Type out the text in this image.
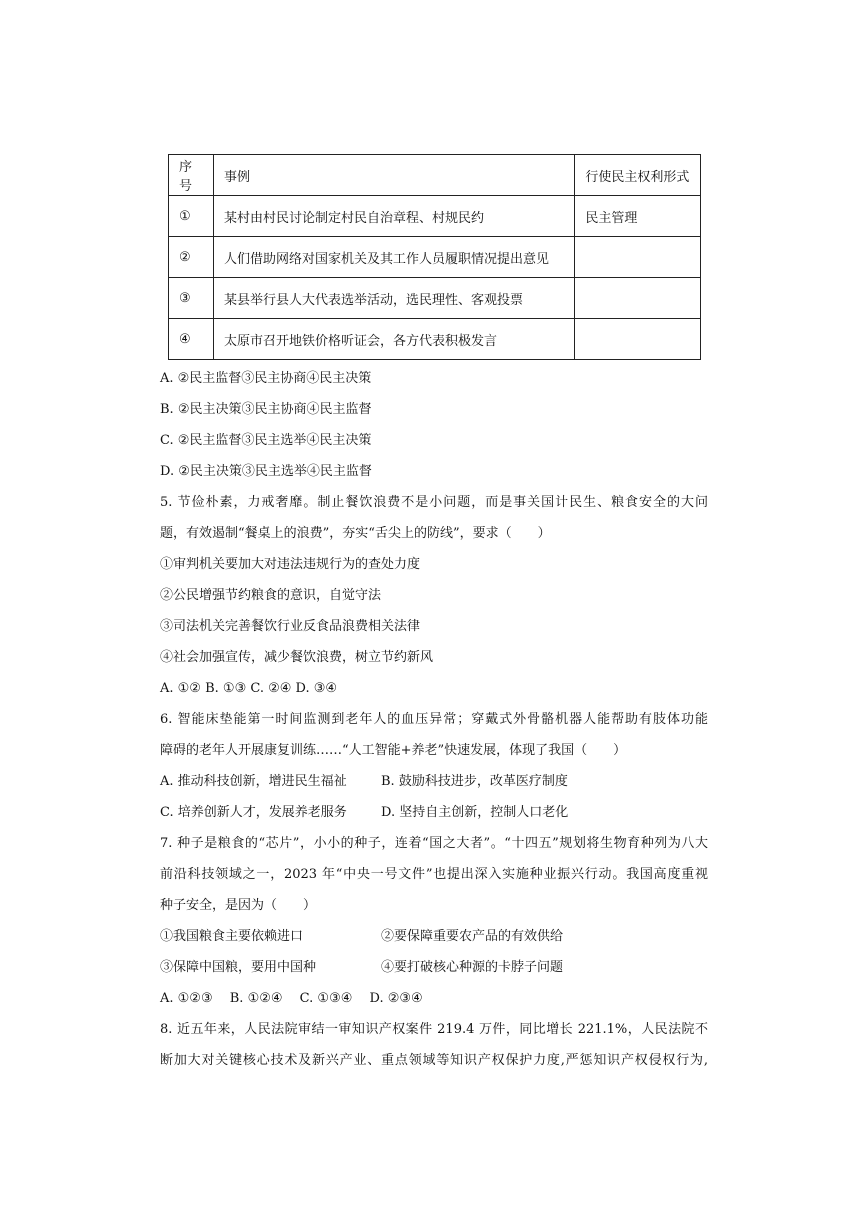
序号	事例	行使民主权利形式
①	某村由村民讨论制定村民自治章程、村规民约	民主管理
②	人们借助网络对国家机关及其工作人员履职情况提出意见	
③	某县举行县人大代表选举活动，选民理性、客观投票	
④	太原市召开地铁价格听证会，各方代表积极发言	
A. ②民主监督③民主协商④民主决策
B. ②民主决策③民主协商④民主监督
C. ②民主监督③民主选举④民主决策
D. ②民主决策③民主选举④民主监督
5. 节俭朴素，力戒奢靡。制止餐饮浪费不是小问题，而是事关国计民生、粮食安全的大问
题，有效遏制“餐桌上的浪费”，夯实“舌尖上的防线”，要求（　　）
①审判机关要加大对违法违规行为的查处力度
②公民增强节约粮食的意识，自觉守法
③司法机关完善餐饮行业反食品浪费相关法律
④社会加强宣传，减少餐饮浪费，树立节约新风
A. ①② B. ①③ C. ②④ D. ③④
6. 智能床垫能第一时间监测到老年人的血压异常；穿戴式外骨骼机器人能帮助有肢体功能
障碍的老年人开展康复训练……“人工智能+养老”快速发展，体现了我国（　　）
A. 推动科技创新，增进民生福祉	B. 鼓励科技进步，改革医疗制度
C. 培养创新人才，发展养老服务	D. 坚持自主创新，控制人口老化
7. 种子是粮食的“芯片”，小小的种子，连着“国之大者”。“十四五”规划将生物育种列为八大
前沿科技领域之一，2023 年“中央一号文件”也提出深入实施种业振兴行动。我国高度重视
种子安全，是因为（　　）
①我国粮食主要依赖进口	②要保障重要农产品的有效供给
③保障中国粮，要用中国种	④要打破核心种源的卡脖子问题
A. ①②③　 B. ①②④　 C. ①③④　 D. ②③④
8. 近五年来，人民法院审结一审知识产权案件 219.4 万件，同比增长 221.1%，人民法院不
断加大对关键核心技术及新兴产业、重点领域等知识产权保护力度,严惩知识产权侵权行为,
